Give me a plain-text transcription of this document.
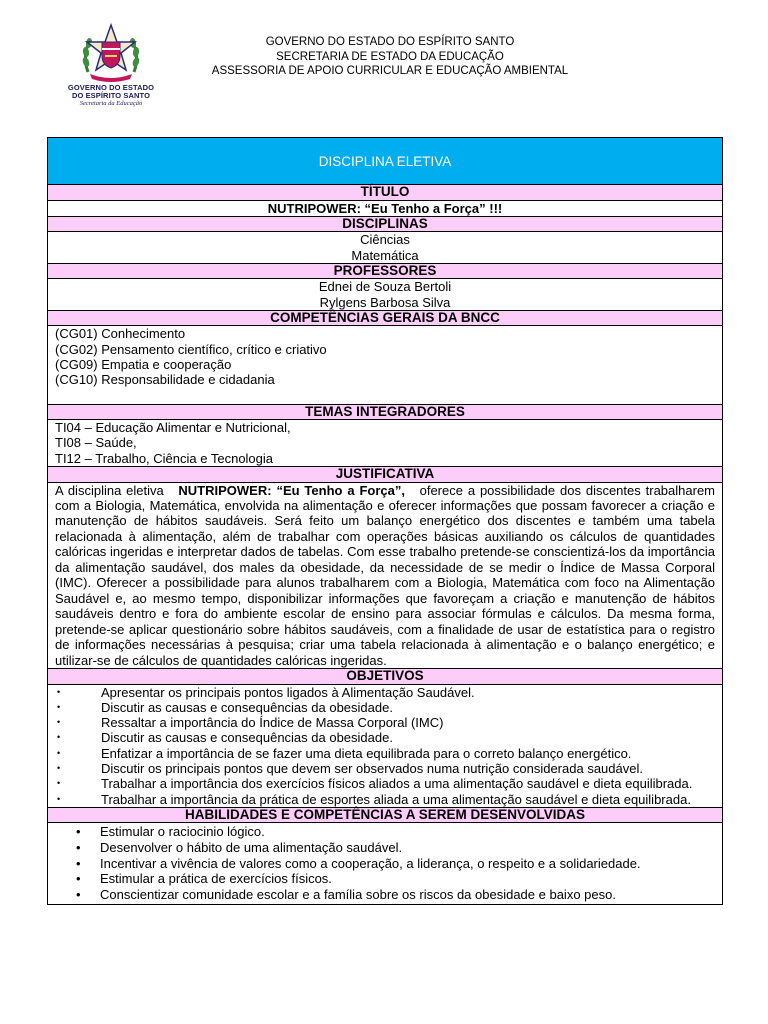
GOVERNO DO ESTADO
DO ESPÍRITO SANTO
Secretaria da Educação
GOVERNO DO ESTADO DO ESPÍRITO SANTO
SECRETARIA DE ESTADO DA EDUCAÇÃO
ASSESSORIA DE APOIO CURRICULAR E EDUCAÇÃO AMBIENTAL
DISCIPLINA ELETIVA
TÍTULO
NUTRIPOWER: “Eu Tenho a Força” !!!
DISCIPLINAS
Ciências
Matemática
PROFESSORES
Ednei de Souza Bertoli
Rylgens Barbosa Silva
COMPETÊNCIAS GERAIS DA BNCC
(CG01) Conhecimento
(CG02) Pensamento científico, crítico e criativo
(CG09) Empatia e cooperação
(CG10) Responsabilidade e cidadania
TEMAS INTEGRADORES
TI04 – Educação Alimentar e Nutricional,
TI08 – Saúde,
TI12 – Trabalho, Ciência e Tecnologia
JUSTIFICATIVA
A disciplina eletiva NUTRIPOWER: “Eu Tenho a Força”, oferece a possibilidade dos discentes trabalharem com a Biologia, Matemática, envolvida na alimentação e oferecer informações que possam favorecer a criação e manutenção de hábitos saudáveis. Será feito um balanço energético dos discentes e também uma tabela relacionada à alimentação, além de trabalhar com operações básicas auxiliando os cálculos de quantidades calóricas ingeridas e interpretar dados de tabelas. Com esse trabalho pretende-se conscientizá-los da importância da alimentação saudável, dos males da obesidade, da necessidade de se medir o Índice de Massa Corporal (IMC). Oferecer a possibilidade para alunos trabalharem com a Biologia, Matemática com foco na Alimentação Saudável e, ao mesmo tempo, disponibilizar informações que favoreçam a criação e manutenção de hábitos saudáveis dentro e fora do ambiente escolar de ensino para associar fórmulas e cálculos. Da mesma forma, pretende-se aplicar questionário sobre hábitos saudáveis, com a finalidade de usar de estatística para o registro de informações necessárias à pesquisa; criar uma tabela relacionada à alimentação e o balanço energético; e utilizar-se de cálculos de quantidades calóricas ingeridas.
OBJETIVOS
•	Apresentar os principais pontos ligados à Alimentação Saudável.
•	Discutir as causas e consequências da obesidade.
•	Ressaltar a importância do Índice de Massa Corporal (IMC)
•	Discutir as causas e consequências da obesidade.
•	Enfatizar a importância de se fazer uma dieta equilibrada para o correto balanço energético.
•	Discutir os principais pontos que devem ser observados numa nutrição considerada saudável.
•	Trabalhar a importância dos exercícios físicos aliados a uma alimentação saudável e dieta equilibrada.
•	Trabalhar a importância da prática de esportes aliada a uma alimentação saudável e dieta equilibrada.
HABILIDADES E COMPETÊNCIAS A SEREM DESENVOLVIDAS
• Estimular o raciocinio lógico.
• Desenvolver o hábito de uma alimentação saudável.
• Incentivar a vivência de valores como a cooperação, a liderança, o respeito e a solidariedade.
• Estimular a prática de exercícios físicos.
• Conscientizar comunidade escolar e a família sobre os riscos da obesidade e baixo peso.
